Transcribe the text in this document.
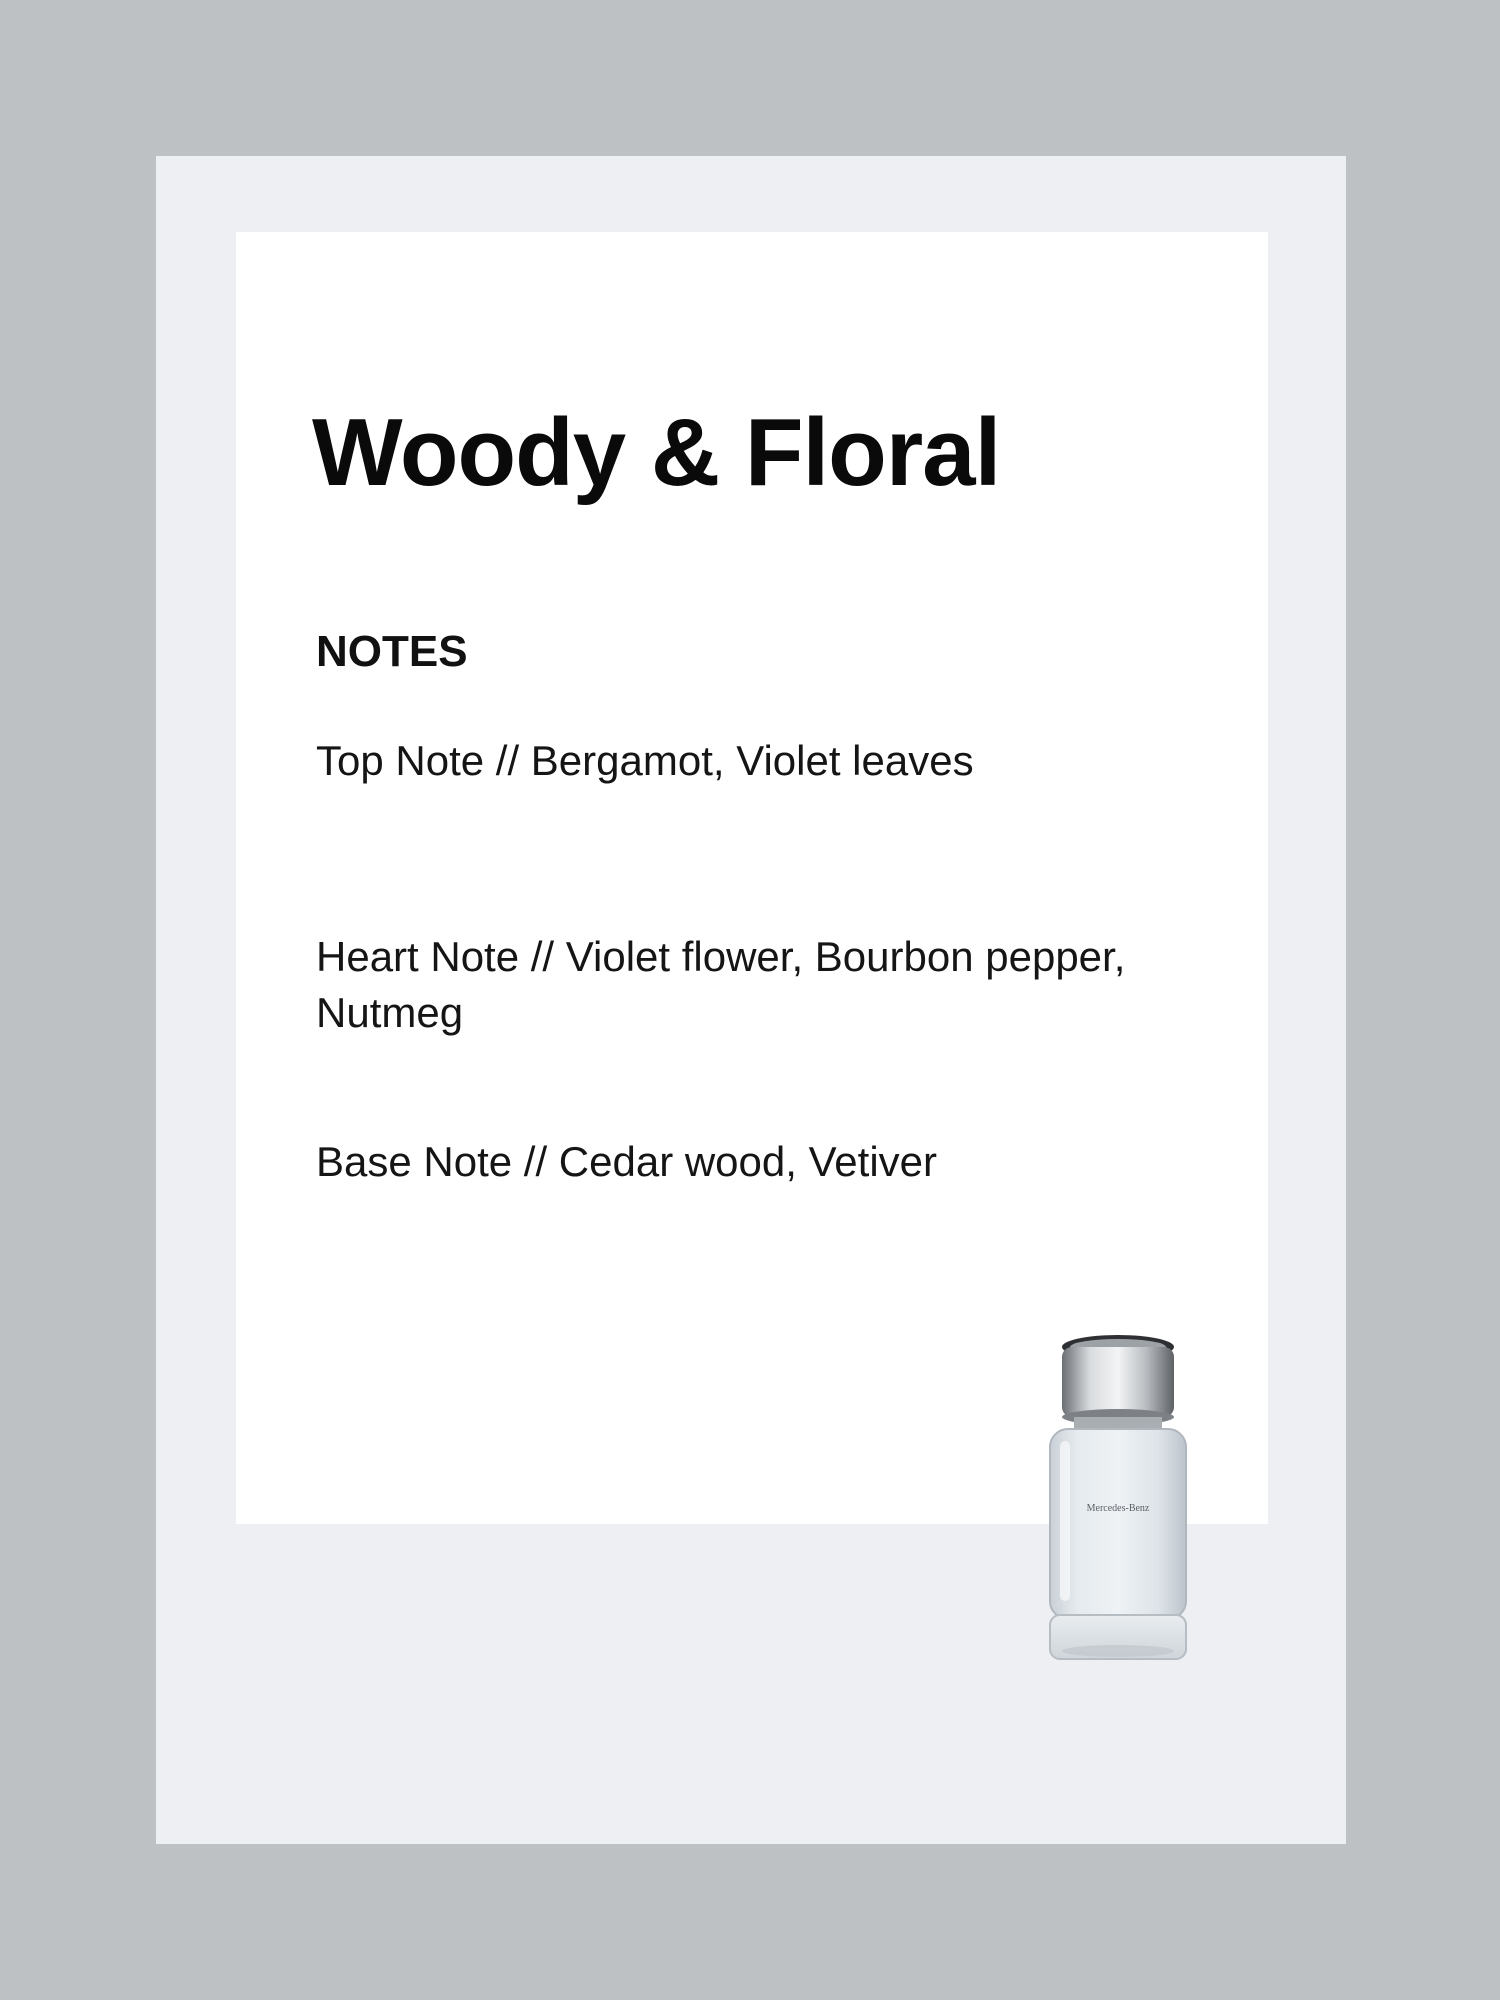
Woody & Floral
NOTES
Top Note // Bergamot, Violet leaves
Heart Note // Violet flower, Bourbon pepper,
Nutmeg
Base Note // Cedar wood, Vetiver
Mercedes-Benz
